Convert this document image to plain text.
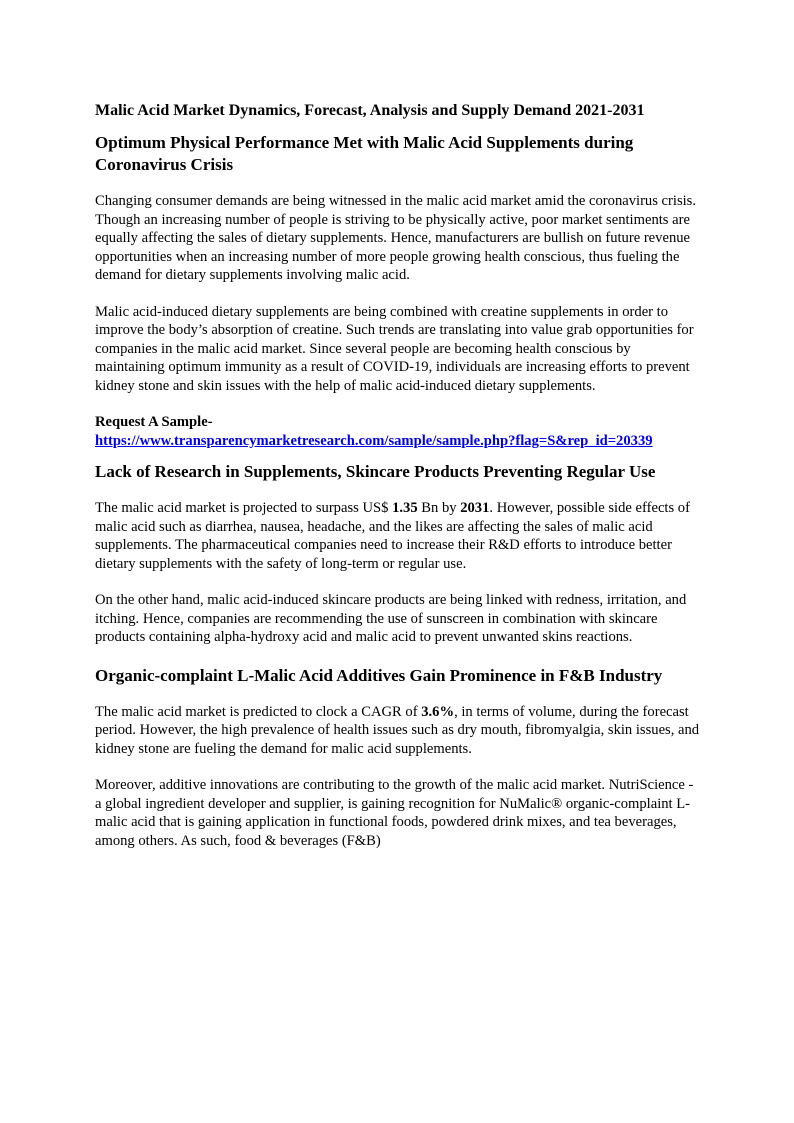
Malic Acid Market Dynamics, Forecast, Analysis and Supply Demand 2021-2031
Optimum Physical Performance Met with Malic Acid Supplements during Coronavirus Crisis

Changing consumer demands are being witnessed in the malic acid market amid the coronavirus crisis. Though an increasing number of people is striving to be physically active, poor market sentiments are equally affecting the sales of dietary supplements. Hence, manufacturers are bullish on future revenue opportunities when an increasing number of more people growing health conscious, thus fueling the demand for dietary supplements involving malic acid.

Malic acid-induced dietary supplements are being combined with creatine supplements in order to improve the body’s absorption of creatine. Such trends are translating into value grab opportunities for companies in the malic acid market. Since several people are becoming health conscious by maintaining optimum immunity as a result of COVID-19, individuals are increasing efforts to prevent kidney stone and skin issues with the help of malic acid-induced dietary supplements.

Request A Sample-
https://www.transparencymarketresearch.com/sample/sample.php?flag=S&rep_id=20339

Lack of Research in Supplements, Skincare Products Preventing Regular Use

The malic acid market is projected to surpass US$ 1.35 Bn by 2031. However, possible side effects of malic acid such as diarrhea, nausea, headache, and the likes are affecting the sales of malic acid supplements. The pharmaceutical companies need to increase their R&D efforts to introduce better dietary supplements with the safety of long-term or regular use.

On the other hand, malic acid-induced skincare products are being linked with redness, irritation, and itching. Hence, companies are recommending the use of sunscreen in combination with skincare products containing alpha-hydroxy acid and malic acid to prevent unwanted skins reactions.

Organic-complaint L-Malic Acid Additives Gain Prominence in F&B Industry

The malic acid market is predicted to clock a CAGR of 3.6%, in terms of volume, during the forecast period. However, the high prevalence of health issues such as dry mouth, fibromyalgia, skin issues, and kidney stone are fueling the demand for malic acid supplements.

Moreover, additive innovations are contributing to the growth of the malic acid market. NutriScience - a global ingredient developer and supplier, is gaining recognition for NuMalic® organic-complaint L-malic acid that is gaining application in functional foods, powdered drink mixes, and tea beverages, among others. As such, food & beverages (F&B)
